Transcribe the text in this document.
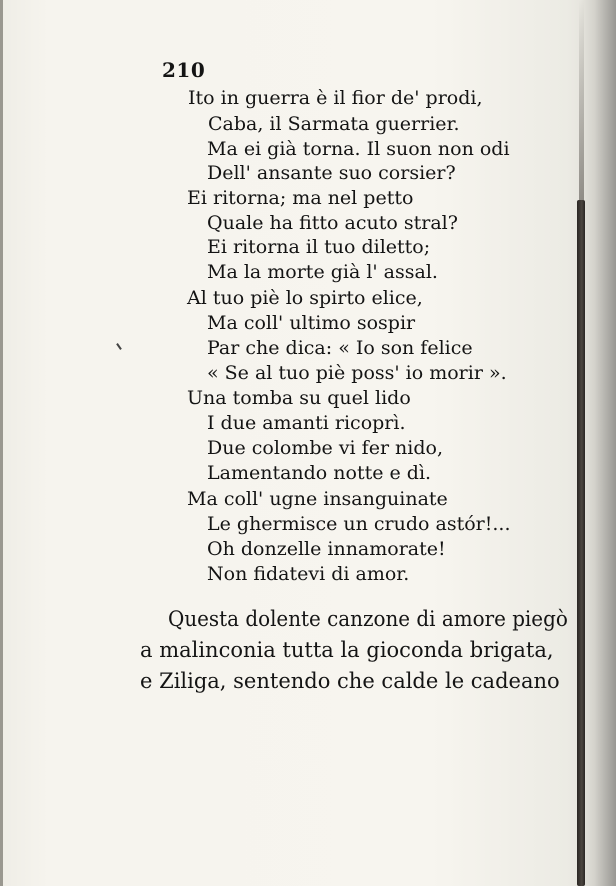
210

Ito in guerra è il fior de' prodi,

Caba, il Sarmata guerrier.

Ma ei già torna. Il suon non odi

Dell' ansante suo corsier?

Ei ritorna; ma nel petto

Quale ha fitto acuto stral?

Ei ritorna il tuo diletto;

Ma la morte già l' assal.

Al tuo piè lo spirto elice,

Ma coll' ultimo sospir

Par che dica: « Io son felice

« Se al tuo piè poss' io morir ».

Una tomba su quel lido

I due amanti ricoprì.

Due colombe vi fer nido,

Lamentando notte e dì.

Ma coll' ugne insanguinate

Le ghermisce un crudo astór!...

Oh donzelle innamorate!

Non fidatevi di amor.

Questa dolente canzone di amore piegò

a malinconia tutta la gioconda brigata,

e Ziliga, sentendo che calde le cadeano
